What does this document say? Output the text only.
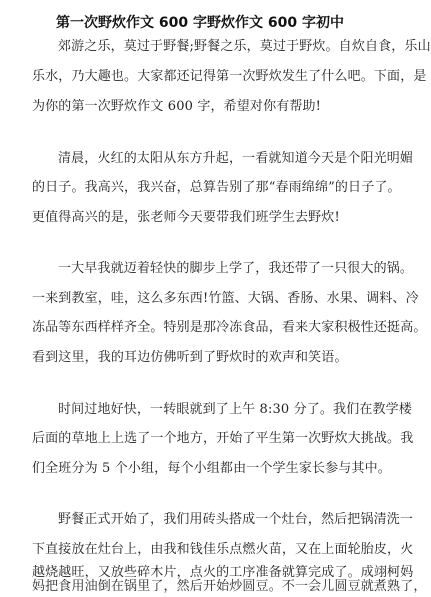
第一次野炊作文 600 字野炊作文 600 字初中
郊游之乐，莫过于野餐;野餐之乐，莫过于野炊。自炊自食，乐山
乐水，乃大趣也。大家都还记得第一次野炊发生了什么吧。下面，是
为你的第一次野炊作文 600 字，希望对你有帮助!
清晨，火红的太阳从东方升起，一看就知道今天是个阳光明媚
的日子。我高兴，我兴奋，总算告别了那“春雨绵绵”的日子了。
更值得高兴的是，张老师今天要带我们班学生去野炊!
一大早我就迈着轻快的脚步上学了，我还带了一只很大的锅。
一来到教室，哇，这么多东西!竹篮、大锅、香肠、水果、调料、冷
冻品等东西样样齐全。特别是那冷冻食品，看来大家积极性还挺高。
看到这里，我的耳边仿佛听到了野炊时的欢声和笑语。
时间过地好快，一转眼就到了上午 8:30 分了。我们在教学楼
后面的草地上上选了一个地方，开始了平生第一次野炊大挑战。我
们全班分为 5 个小组，每个小组都由一个学生家长参与其中。
野餐正式开始了，我们用砖头搭成一个灶台，然后把锅清洗一
下直接放在灶台上，由我和钱佳乐点燃火苗，又在上面轮胎皮，火
越烧越旺，又放些碎木片，点火的工序准备就算完成了。成翊柯妈
妈把食用油倒在锅里了，然后开始炒圆豆。不一会儿圆豆就煮熟了，
